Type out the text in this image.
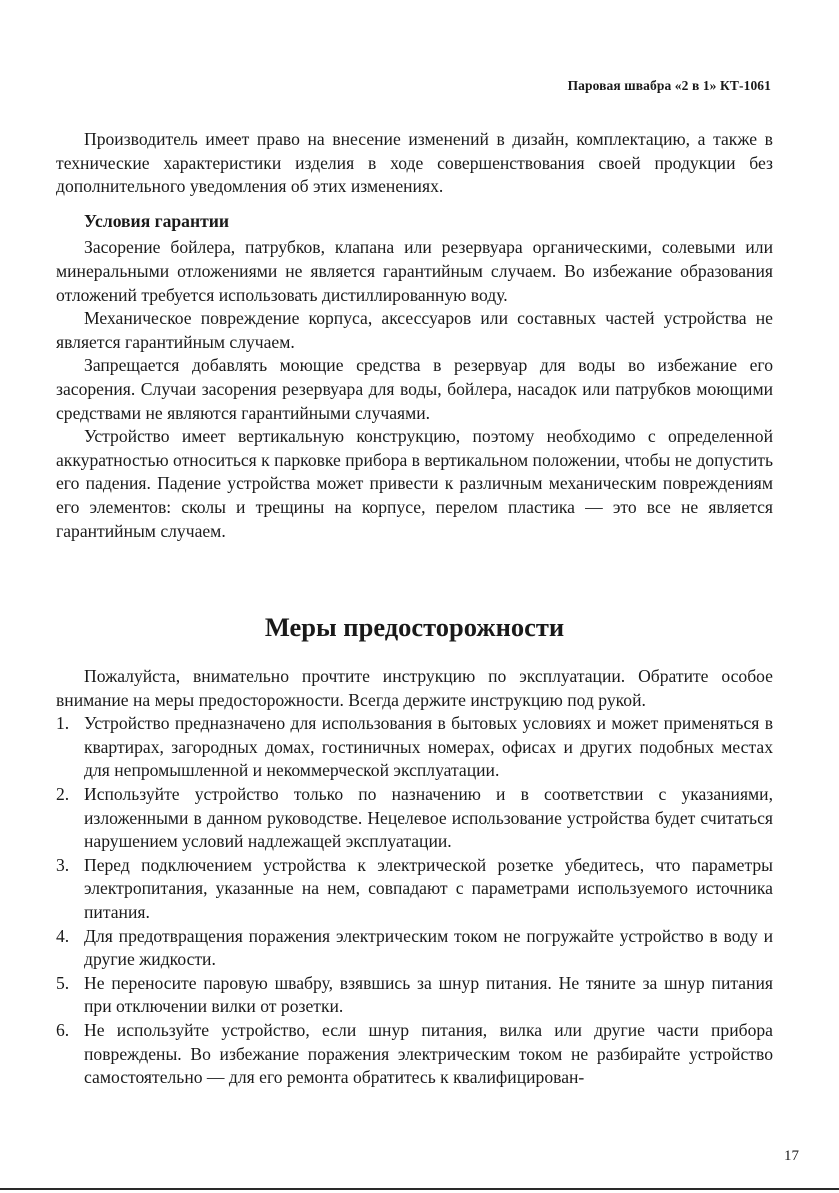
Паровая швабра «2 в 1» КТ-1061

Производитель имеет право на внесение изменений в дизайн, комплектацию, а также в технические характеристики изделия в ходе совершенствования своей продукции без дополнительного уведомления об этих изменениях.

Условия гарантии

Засорение бойлера, патрубков, клапана или резервуара органическими, солевыми или минеральными отложениями не является гарантийным случаем. Во избежание образования отложений требуется использовать дистиллированную воду.

Механическое повреждение корпуса, аксессуаров или составных частей устройства не является гарантийным случаем.

Запрещается добавлять моющие средства в резервуар для воды во избежание его засорения. Случаи засорения резервуара для воды, бойлера, насадок или патрубков моющими средствами не являются гарантийными случаями.

Устройство имеет вертикальную конструкцию, поэтому необходимо с определенной аккуратностью относиться к парковке прибора в вертикальном положении, чтобы не допустить его падения. Падение устройства может привести к различным механическим повреждениям его элементов: сколы и трещины на корпусе, перелом пластика — это все не является гарантийным случаем.

Меры предосторожности

Пожалуйста, внимательно прочтите инструкцию по эксплуатации. Обратите особое внимание на меры предосторожности. Всегда держите инструкцию под рукой.

1. Устройство предназначено для использования в бытовых условиях и может применяться в квартирах, загородных домах, гостиничных номерах, офисах и других подобных местах для непромышленной и некоммерческой эксплуатации.
2. Используйте устройство только по назначению и в соответствии с указаниями, изложенными в данном руководстве. Нецелевое использование устройства будет считаться нарушением условий надлежащей эксплуатации.
3. Перед подключением устройства к электрической розетке убедитесь, что параметры электропитания, указанные на нем, совпадают с параметрами используемого источника питания.
4. Для предотвращения поражения электрическим током не погружайте устройство в воду и другие жидкости.
5. Не переносите паровую швабру, взявшись за шнур питания. Не тяните за шнур питания при отключении вилки от розетки.
6. Не используйте устройство, если шнур питания, вилка или другие части прибора повреждены. Во избежание поражения электрическим током не разбирайте устройство самостоятельно — для его ремонта обратитесь к квалифицирован-
17
